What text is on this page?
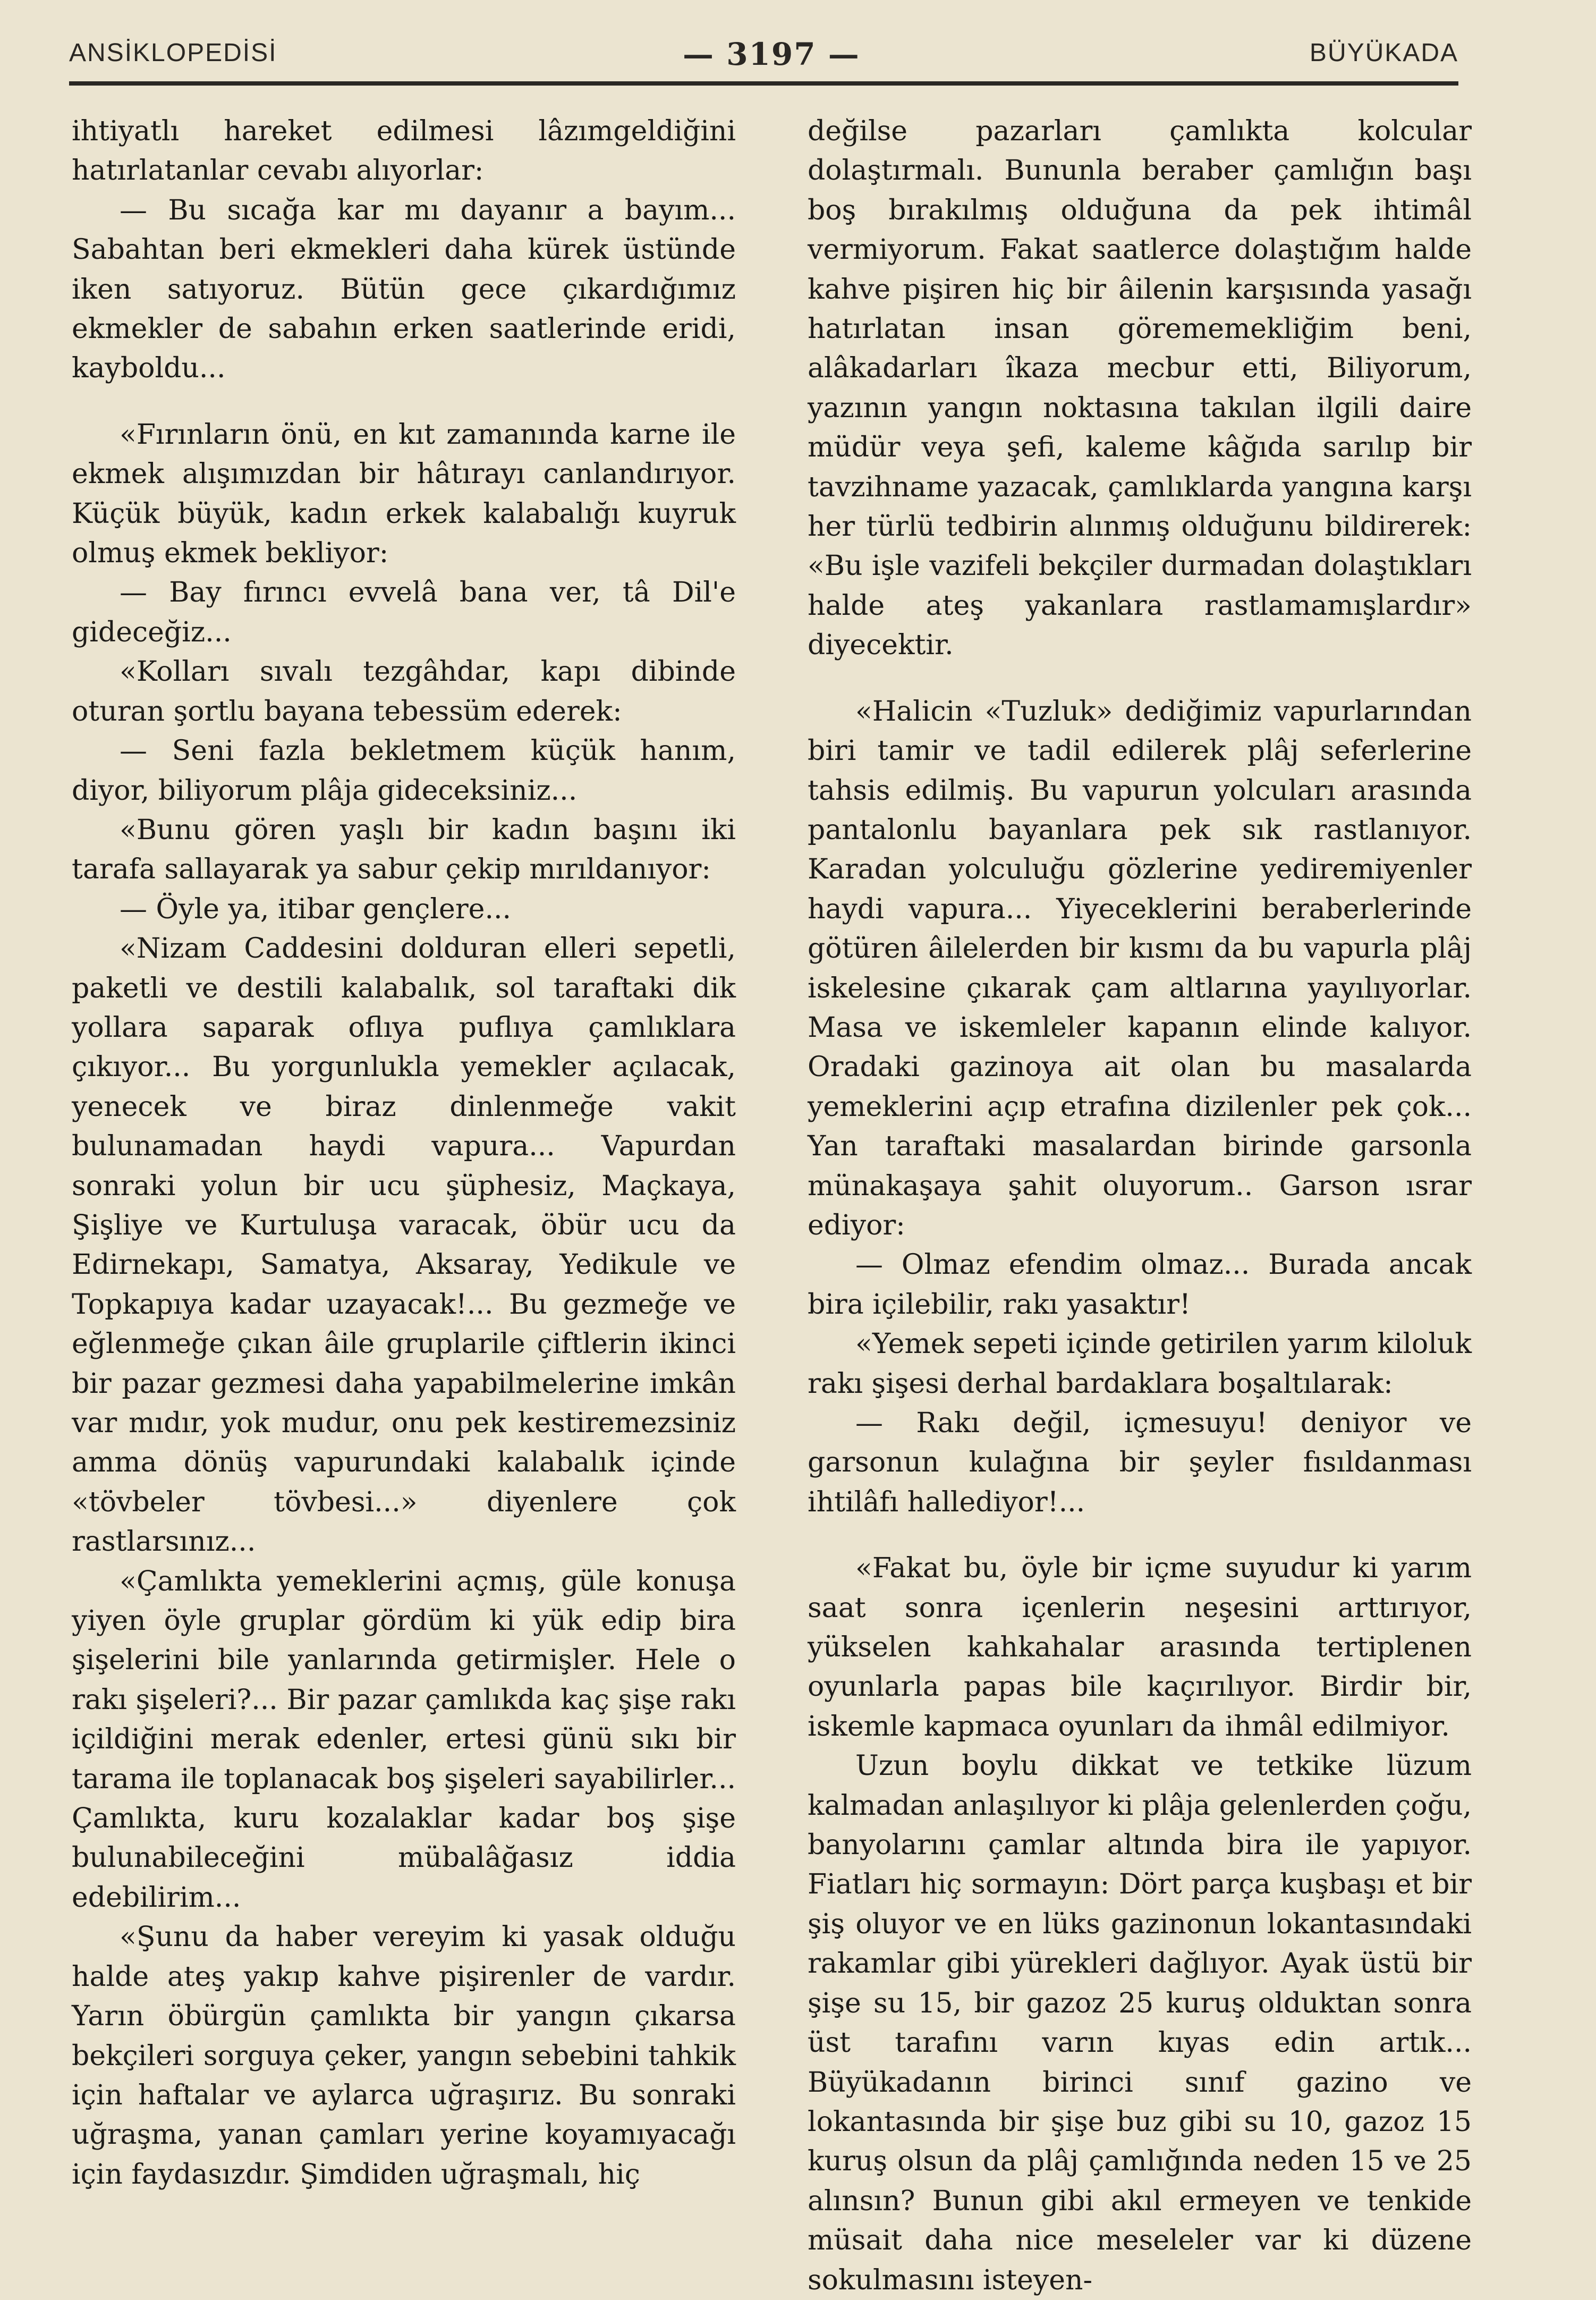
ANSİKLOPEDİSİ	— 3197 —	BÜYÜKADA

ihtiyatlı hareket edilmesi lâzımgeldiğini hatırlatanlar cevabı alıyorlar:

— Bu sıcağa kar mı dayanır a bayım... Sabahtan beri ekmekleri daha kürek üstünde iken satıyoruz. Bütün gece çıkardığımız ekmekler de sabahın erken saatlerinde eridi, kayboldu...

«Fırınların önü, en kıt zamanında karne ile ekmek alışımızdan bir hâtırayı canlandırıyor. Küçük büyük, kadın erkek kalabalığı kuyruk olmuş ekmek bekliyor:

— Bay fırıncı evvelâ bana ver, tâ Dil'e gideceğiz...

«Kolları sıvalı tezgâhdar, kapı dibinde oturan şortlu bayana tebessüm ederek:

— Seni fazla bekletmem küçük hanım, diyor, biliyorum plâja gideceksiniz...

«Bunu gören yaşlı bir kadın başını iki tarafa sallayarak ya sabur çekip mırıldanıyor:

— Öyle ya, itibar gençlere...

«Nizam Caddesini dolduran elleri sepetli, paketli ve destili kalabalık, sol taraftaki dik yollara saparak oflıya puflıya çamlıklara çıkıyor... Bu yorgunlukla yemekler açılacak, yenecek ve biraz dinlenmeğe vakit bulunamadan haydi vapura... Vapurdan sonraki yolun bir ucu şüphesiz, Maçkaya, Şişliye ve Kurtuluşa varacak, öbür ucu da Edirnekapı, Samatya, Aksaray, Yedikule ve Topkapıya kadar uzayacak!... Bu gezmeğe ve eğlenmeğe çıkan âile gruplarile çiftlerin ikinci bir pazar gezmesi daha yapabilmelerine imkân var mıdır, yok mudur, onu pek kestiremezsiniz amma dönüş vapurundaki kalabalık içinde «tövbeler tövbesi...» diyenlere çok rastlarsınız...

«Çamlıkta yemeklerini açmış, güle konuşa yiyen öyle gruplar gördüm ki yük edip bira şişelerini bile yanlarında getirmişler. Hele o rakı şişeleri?... Bir pazar çamlıkda kaç şişe rakı içildiğini merak edenler, ertesi günü sıkı bir tarama ile toplanacak boş şişeleri sayabilirler... Çamlıkta, kuru kozalaklar kadar boş şişe bulunabileceğini mübalâğasız iddia edebilirim...

«Şunu da haber vereyim ki yasak olduğu halde ateş yakıp kahve pişirenler de vardır. Yarın öbürgün çamlıkta bir yangın çıkarsa bekçileri sorguya çeker, yangın sebebini tahkik için haftalar ve aylarca uğraşırız. Bu sonraki uğraşma, yanan çamları yerine koyamıyacağı için faydasızdır. Şimdiden uğraşmalı, hiç

değilse pazarları çamlıkta kolcular dolaştırmalı. Bununla beraber çamlığın başı boş bırakılmış olduğuna da pek ihtimâl vermiyorum. Fakat saatlerce dolaştığım halde kahve pişiren hiç bir âilenin karşısında yasağı hatırlatan insan görememekliğim beni, alâkadarları îkaza mecbur etti, Biliyorum, yazının yangın noktasına takılan ilgili daire müdür veya şefi, kaleme kâğıda sarılıp bir tavzihname yazacak, çamlıklarda yangına karşı her türlü tedbirin alınmış olduğunu bildirerek: «Bu işle vazifeli bekçiler durmadan dolaştıkları halde ateş yakanlara rastlamamışlardır» diyecektir.

«Halicin «Tuzluk» dediğimiz vapurlarından biri tamir ve tadil edilerek plâj seferlerine tahsis edilmiş. Bu vapurun yolcuları arasında pantalonlu bayanlara pek sık rastlanıyor. Karadan yolculuğu gözlerine yediremiyenler haydi vapura... Yiyeceklerini beraberlerinde götüren âilelerden bir kısmı da bu vapurla plâj iskelesine çıkarak çam altlarına yayılıyorlar. Masa ve iskemleler kapanın elinde kalıyor. Oradaki gazinoya ait olan bu masalarda yemeklerini açıp etrafına dizilenler pek çok... Yan taraftaki masalardan birinde garsonla münakaşaya şahit oluyorum.. Garson ısrar ediyor:

— Olmaz efendim olmaz... Burada ancak bira içilebilir, rakı yasaktır!

«Yemek sepeti içinde getirilen yarım kiloluk rakı şişesi derhal bardaklara boşaltılarak:

— Rakı değil, içmesuyu! deniyor ve garsonun kulağına bir şeyler fısıldanması ihtilâfı hallediyor!...

«Fakat bu, öyle bir içme suyudur ki yarım saat sonra içenlerin neşesini arttırıyor, yükselen kahkahalar arasında tertiplenen oyunlarla papas bile kaçırılıyor. Birdir bir, iskemle kapmaca oyunları da ihmâl edilmiyor.

Uzun boylu dikkat ve tetkike lüzum kalmadan anlaşılıyor ki plâja gelenlerden çoğu, banyolarını çamlar altında bira ile yapıyor. Fiatları hiç sormayın: Dört parça kuşbaşı et bir şiş oluyor ve en lüks gazinonun lokantasındaki rakamlar gibi yürekleri dağlıyor. Ayak üstü bir şişe su 15, bir gazoz 25 kuruş olduktan sonra üst tarafını varın kıyas edin artık... Büyükadanın birinci sınıf gazino ve lokantasında bir şişe buz gibi su 10, gazoz 15 kuruş olsun da plâj çamlığında neden 15 ve 25 alınsın? Bunun gibi akıl ermeyen ve tenkide müsait daha nice meseleler var ki düzene sokulmasını isteyen-
